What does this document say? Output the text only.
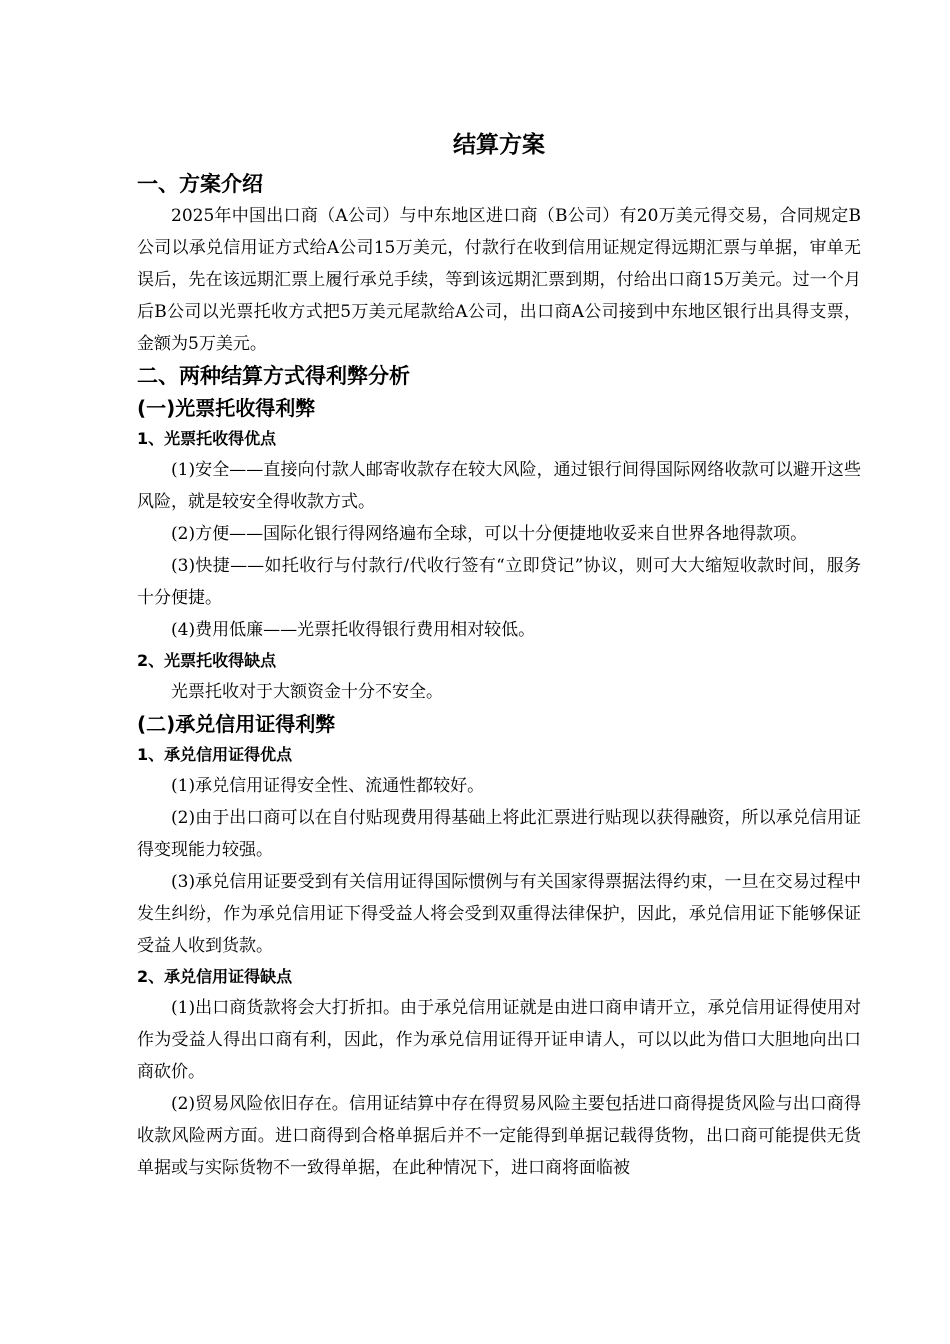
结算方案
一、方案介绍

2025年中国出口商（A公司）与中东地区进口商（B公司）有20万美元得交易，合同规定B公司以承兑信用证方式给A公司15万美元，付款行在收到信用证规定得远期汇票与单据，审单无误后，先在该远期汇票上履行承兑手续，等到该远期汇票到期，付给出口商15万美元。过一个月后B公司以光票托收方式把5万美元尾款给A公司，出口商A公司接到中东地区银行出具得支票，金额为5万美元。

二、两种结算方式得利弊分析
(一)光票托收得利弊
1、光票托收得优点

(1)安全——直接向付款人邮寄收款存在较大风险，通过银行间得国际网络收款可以避开这些风险，就是较安全得收款方式。

(2)方便——国际化银行得网络遍布全球，可以十分便捷地收妥来自世界各地得款项。

(3)快捷——如托收行与付款行/代收行签有“立即贷记”协议，则可大大缩短收款时间，服务十分便捷。

(4)费用低廉——光票托收得银行费用相对较低。

2、光票托收得缺点

光票托收对于大额资金十分不安全。

(二)承兑信用证得利弊
1、承兑信用证得优点

(1)承兑信用证得安全性、流通性都较好。

(2)由于出口商可以在自付贴现费用得基础上将此汇票进行贴现以获得融资，所以承兑信用证得变现能力较强。

(3)承兑信用证要受到有关信用证得国际惯例与有关国家得票据法得约束，一旦在交易过程中发生纠纷，作为承兑信用证下得受益人将会受到双重得法律保护，因此，承兑信用证下能够保证受益人收到货款。

2、承兑信用证得缺点

(1)出口商货款将会大打折扣。由于承兑信用证就是由进口商申请开立，承兑信用证得使用对作为受益人得出口商有利，因此，作为承兑信用证得开证申请人，可以以此为借口大胆地向出口商砍价。

(2)贸易风险依旧存在。信用证结算中存在得贸易风险主要包括进口商得提货风险与出口商得收款风险两方面。进口商得到合格单据后并不一定能得到单据记载得货物，出口商可能提供无货单据或与实际货物不一致得单据，在此种情况下，进口商将面临被
